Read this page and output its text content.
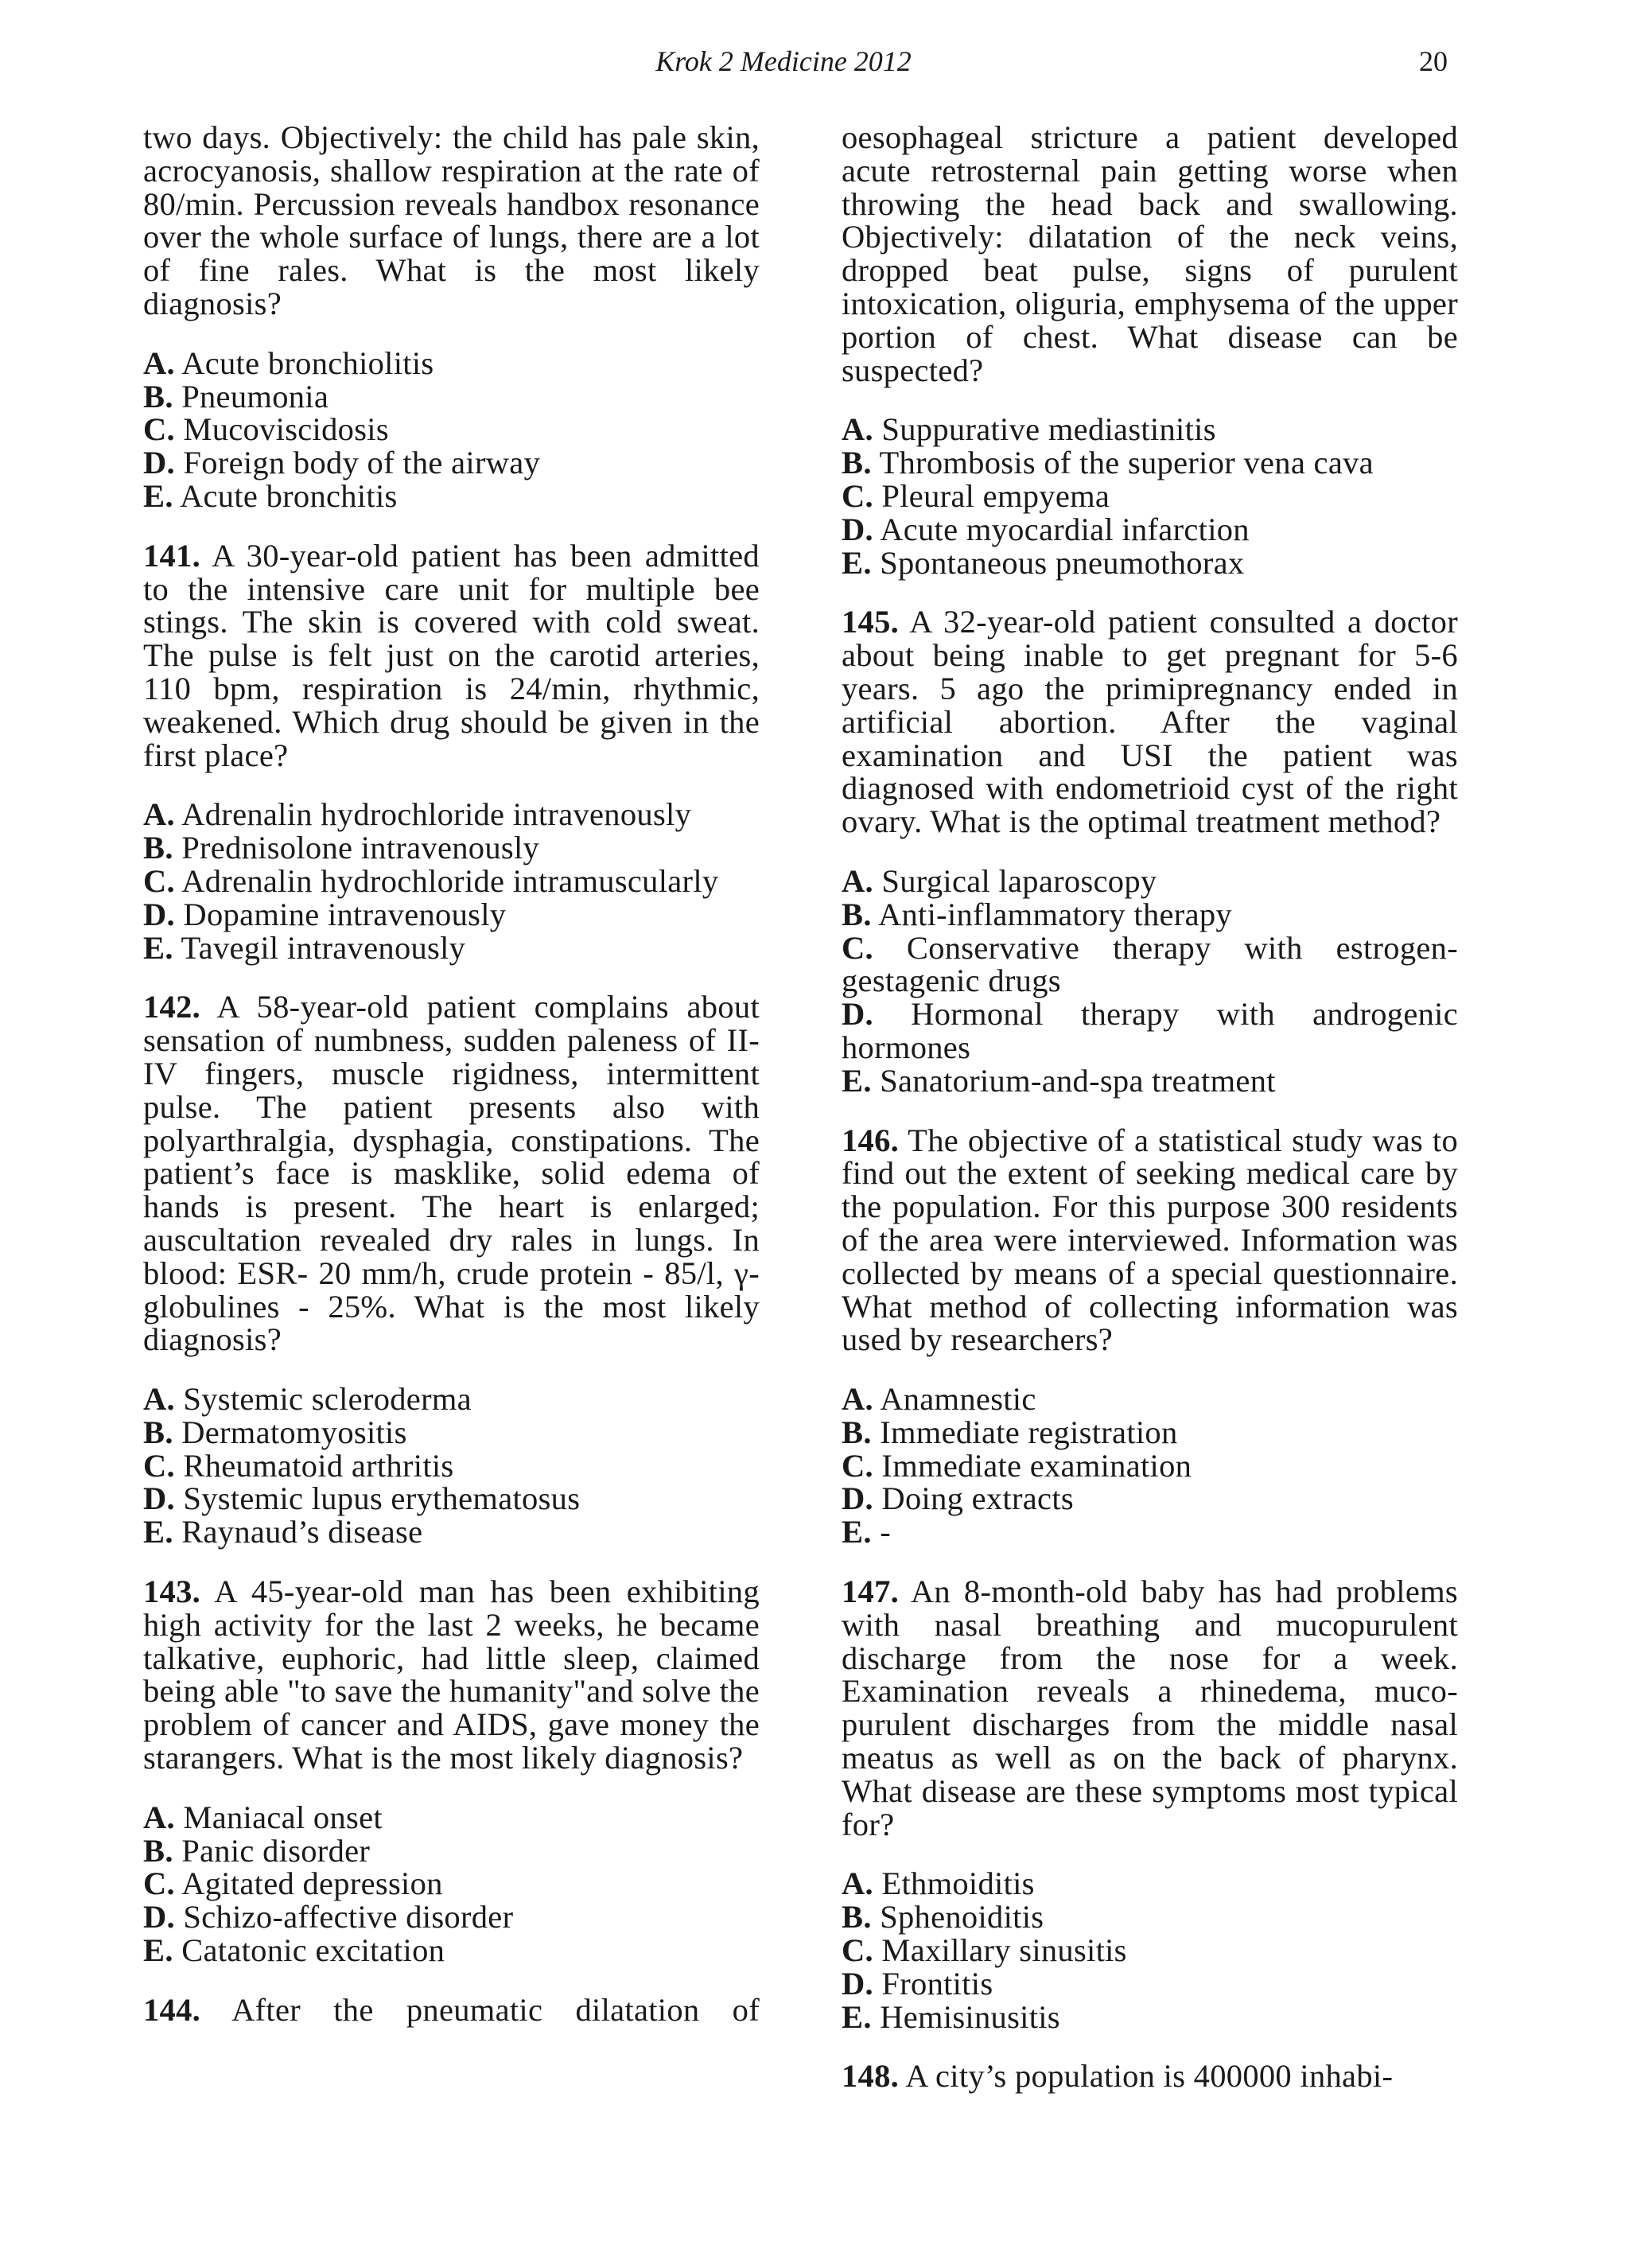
Krok 2 Medicine 2012	20

two days. Objectively: the child has pale skin, acrocyanosis, shallow respiration at the rate of 80/min. Percussion reveals handbox resonance over the whole surface of lungs, there are a lot of fine rales. What is the most likely diagnosis?

A. Acute bronchiolitis

B. Pneumonia

C. Mucoviscidosis

D. Foreign body of the airway

E. Acute bronchitis

141. A 30-year-old patient has been admitted to the intensive care unit for multiple bee stings. The skin is covered with cold sweat. The pulse is felt just on the carotid arteries, 110 bpm, respiration is 24/min, rhythmic, weakened. Which drug should be given in the first place?

A. Adrenalin hydrochloride intravenously

B. Prednisolone intravenously

C. Adrenalin hydrochloride intramuscularly

D. Dopamine intravenously

E. Tavegil intravenously

142. A 58-year-old patient complains about sensation of numbness, sudden paleness of II-IV fingers, muscle rigidness, intermittent pulse. The patient presents also with polyarthralgia, dysphagia, constipations. The patient’s face is masklike, solid edema of hands is present. The heart is enlarged; auscultation revealed dry rales in lungs. In blood: ESR- 20 mm/h, crude protein - 85/l, γ-globulines - 25%. What is the most likely diagnosis?

A. Systemic scleroderma

B. Dermatomyositis

C. Rheumatoid arthritis

D. Systemic lupus erythematosus

E. Raynaud’s disease

143. A 45-year-old man has been exhibiting high activity for the last 2 weeks, he became talkative, euphoric, had little sleep, claimed being able "to save the humanity"and solve the problem of cancer and AIDS, gave money the starangers. What is the most likely diagnosis?

A. Maniacal onset

B. Panic disorder

C. Agitated depression

D. Schizo-affective disorder

E. Catatonic excitation

144. After the pneumatic dilatation of

oesophageal stricture a patient developed acute retrosternal pain getting worse when throwing the head back and swallowing. Objectively: dilatation of the neck veins, dropped beat pulse, signs of purulent intoxication, oliguria, emphysema of the upper portion of chest. What disease can be suspected?

A. Suppurative mediastinitis

B. Thrombosis of the superior vena cava

C. Pleural empyema

D. Acute myocardial infarction

E. Spontaneous pneumothorax

145. A 32-year-old patient consulted a doctor about being inable to get pregnant for 5-6 years. 5 ago the primipregnancy ended in artificial abortion. After the vaginal examination and USI the patient was diagnosed with endometrioid cyst of the right ovary. What is the optimal treatment method?

A. Surgical laparoscopy

B. Anti-inflammatory therapy

C. Conservative therapy with estrogen-gestagenic drugs

D. Hormonal therapy with androgenic hormones

E. Sanatorium-and-spa treatment

146. The objective of a statistical study was to find out the extent of seeking medical care by the population. For this purpose 300 residents of the area were interviewed. Information was collected by means of a special questionnaire. What method of collecting information was used by researchers?

A. Anamnestic

B. Immediate registration

C. Immediate examination

D. Doing extracts

E. -

147. An 8-month-old baby has had problems with nasal breathing and mucopurulent discharge from the nose for a week. Examination reveals a rhinedema, muco-purulent discharges from the middle nasal meatus as well as on the back of pharynx. What disease are these symptoms most typical for?

A. Ethmoiditis

B. Sphenoiditis

C. Maxillary sinusitis

D. Frontitis

E. Hemisinusitis

148. A city’s population is 400000 inhabi-
